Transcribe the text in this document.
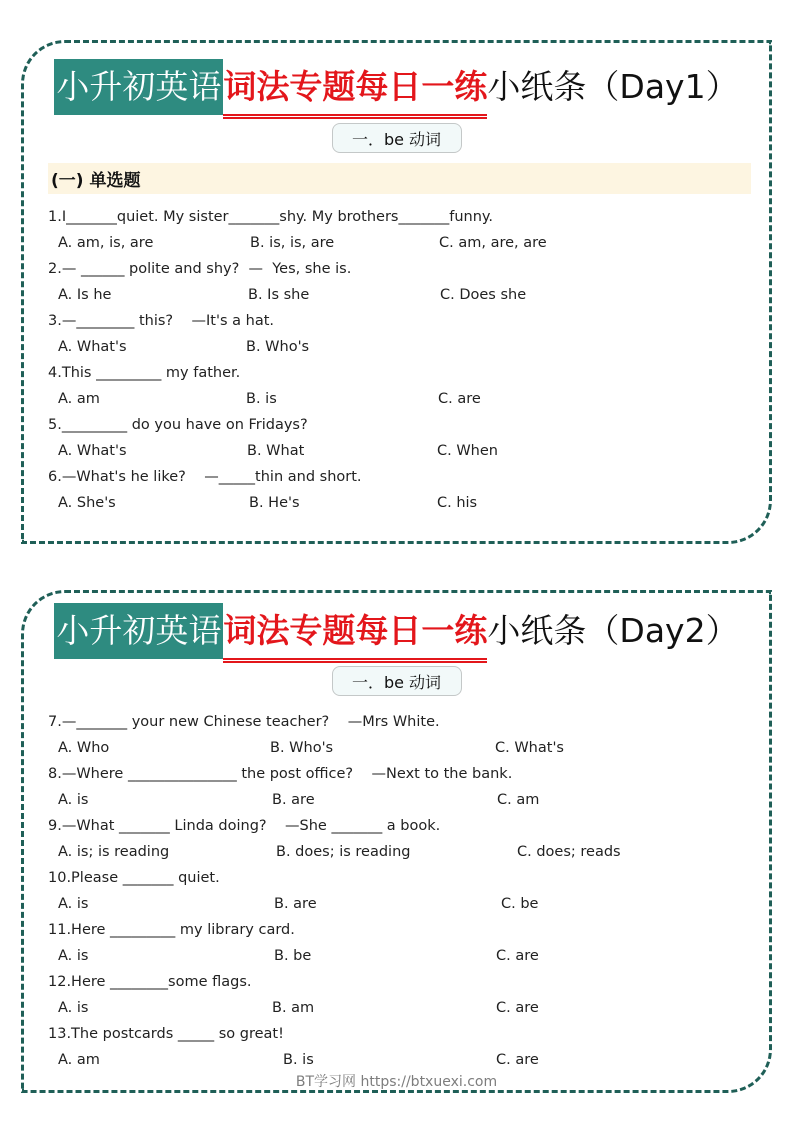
小升初英语 词法专题每日一练 小纸条（Day1）
一．be 动词
(一) 单选题
1.I_______quiet. My sister_______shy. My brothers_______funny.
A. am, is, are	B. is, is, are	C. am, are, are
2.— ______ polite and shy?  —  Yes, she is.
A. Is he	B. Is she	C. Does she
3.—________ this?    —It's a hat.
A. What's	B. Who's
4.This _________ my father.
A. am	B. is	C. are
5._________ do you have on Fridays?
A. What's	B. What	C. When
6.—What's he like?    —_____thin and short.
A. She's	B. He's	C. his
小升初英语 词法专题每日一练 小纸条（Day2）
一．be 动词
7.—_______ your new Chinese teacher?    —Mrs White.
A. Who	B. Who's	C. What's
8.—Where _______________ the post office?    —Next to the bank.
A. is	B. are	C. am
9.—What _______ Linda doing?    —She _______ a book.
A. is; is reading	B. does; is reading	C. does; reads
10.Please _______ quiet.
A. is	B. are	C. be
11.Here _________ my library card.
A. is	B. be	C. are
12.Here ________some flags.
A. is	B. am	C. are
13.The postcards _____ so great!
A. am	B. is	C. are
BT学习网 https://btxuexi.com
